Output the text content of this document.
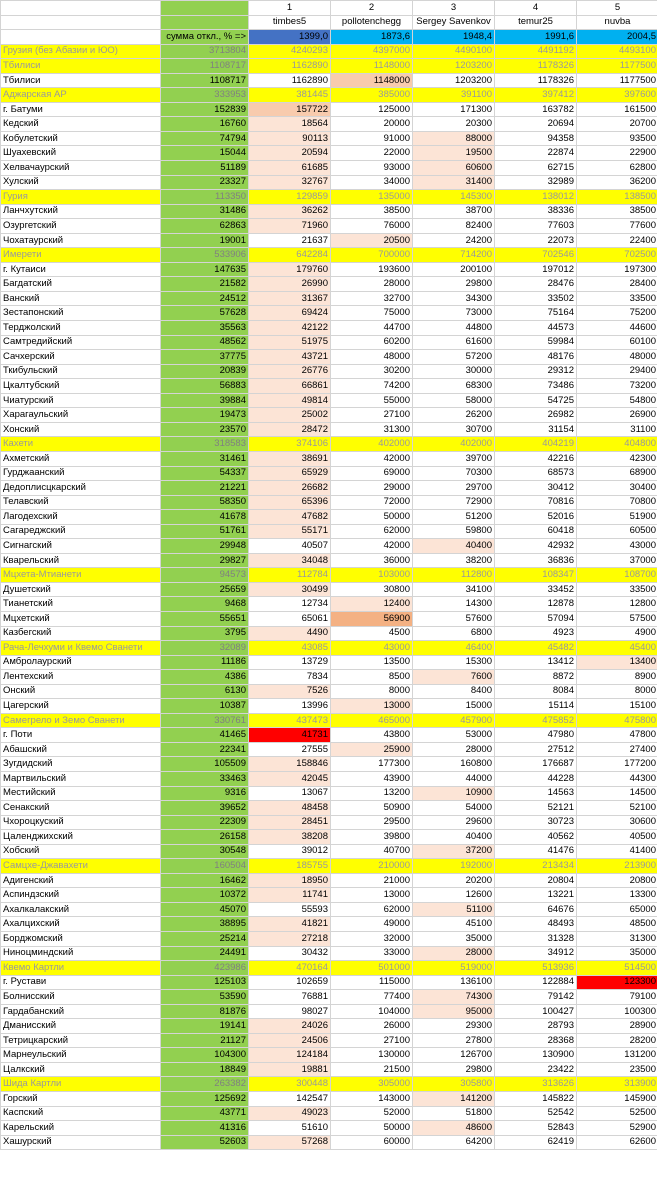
		1	2	3	4	5
		timbes5	pollotenchegg	Sergey Savenkov	temur25	nuvba
	сумма откл., % =>	1399,0	1873,6	1948,4	1991,6	2004,5
Грузия (без Абазии и ЮО)	3713804	4240293	4397000	4490100	4491192	4493100
Тбилиси	1108717	1162890	1148000	1203200	1178326	1177500
Тбилиси	1108717	1162890	1148000	1203200	1178326	1177500
Аджарская АР	333953	381445	385000	391100	397412	397600
г. Батуми	152839	157722	125000	171300	163782	161500
Кедский	16760	18564	20000	20300	20694	20700
Кобулетский	74794	90113	91000	88000	94358	93500
Шуахевский	15044	20594	22000	19500	22874	22900
Хелвачаурский	51189	61685	93000	60600	62715	62800
Хулский	23327	32767	34000	31400	32989	36200
Гурия	113350	129859	135000	145300	138012	138500
Ланчхутский	31486	36262	38500	38700	38336	38500
Озургетский	62863	71960	76000	82400	77603	77600
Чохатаурский	19001	21637	20500	24200	22073	22400
Имерети	533906	642284	700000	714200	702546	702500
г. Кутаиси	147635	179760	193600	200100	197012	197300
Багдатский	21582	26990	28000	29800	28476	28400
Ванский	24512	31367	32700	34300	33502	33500
Зестапонский	57628	69424	75000	73000	75164	75200
Терджолский	35563	42122	44700	44800	44573	44600
Самтредийский	48562	51975	60200	61600	59984	60100
Сачхерский	37775	43721	48000	57200	48176	48000
Ткибульский	20839	26776	30200	30000	29312	29400
Цкалтубский	56883	66861	74200	68300	73486	73200
Чиатурский	39884	49814	55000	58000	54725	54800
Харагаульский	19473	25002	27100	26200	26982	26900
Хонский	23570	28472	31300	30700	31154	31100
Кахети	318583	374106	402000	402000	404219	404800
Ахметский	31461	38691	42000	39700	42216	42300
Гурджаанский	54337	65929	69000	70300	68573	68900
Дедоплисцкарский	21221	26682	29000	29700	30412	30400
Телавский	58350	65396	72000	72900	70816	70800
Лагодехский	41678	47682	50000	51200	52016	51900
Сагареджский	51761	55171	62000	59800	60418	60500
Сигнагский	29948	40507	42000	40400	42932	43000
Кварельский	29827	34048	36000	38200	36836	37000
Мцхета-Мтианети	94573	112784	103000	112800	108347	108700
Душетский	25659	30499	30800	34100	33452	33500
Тианетский	9468	12734	12400	14300	12878	12800
Мцхетский	55651	65061	56900	57600	57094	57500
Казбегский	3795	4490	4500	6800	4923	4900
Рача-Лечхуми и Квемо Сванети	32089	43085	43000	46400	45482	45400
Амбролаурский	11186	13729	13500	15300	13412	13400
Лентехский	4386	7834	8500	7600	8872	8900
Онский	6130	7526	8000	8400	8084	8000
Цагерский	10387	13996	13000	15000	15114	15100
Самегрело и Земо Сванети	330761	437473	465000	457900	475852	475800
г. Поти	41465	41731	43800	53000	47980	47800
Абашский	22341	27555	25900	28000	27512	27400
Зугдидский	105509	158846	177300	160800	176687	177200
Мартвильский	33463	42045	43900	44000	44228	44300
Местийский	9316	13067	13200	10900	14563	14500
Сенакский	39652	48458	50900	54000	52121	52100
Чхороцкуский	22309	28451	29500	29600	30723	30600
Цаленджихский	26158	38208	39800	40400	40562	40500
Хобский	30548	39012	40700	37200	41476	41400
Самцхе-Джавахети	160504	185755	210000	192000	213434	213900
Адигенский	16462	18950	21000	20200	20804	20800
Аспиндзский	10372	11741	13000	12600	13221	13300
Ахалкалакский	45070	55593	62000	51100	64676	65000
Ахалцихский	38895	41821	49000	45100	48493	48500
Борджомский	25214	27218	32000	35000	31328	31300
Ниноцминдский	24491	30432	33000	28000	34912	35000
Квемо Картли	423986	470164	501000	519000	513936	514500
г. Рустави	125103	102659	115000	136100	122884	123300
Болнисский	53590	76881	77400	74300	79142	79100
Гардабанский	81876	98027	104000	95000	100427	100300
Дманисский	19141	24026	26000	29300	28793	28900
Тетрицкарский	21127	24506	27100	27800	28368	28200
Марнеульский	104300	124184	130000	126700	130900	131200
Цалкский	18849	19881	21500	29800	23422	23500
Шида Картли	263382	300448	305000	305800	313626	313900
Горский	125692	142547	143000	141200	145822	145900
Каспский	43771	49023	52000	51800	52542	52500
Карельский	41316	51610	50000	48600	52843	52900
Хашурский	52603	57268	60000	64200	62419	62600
